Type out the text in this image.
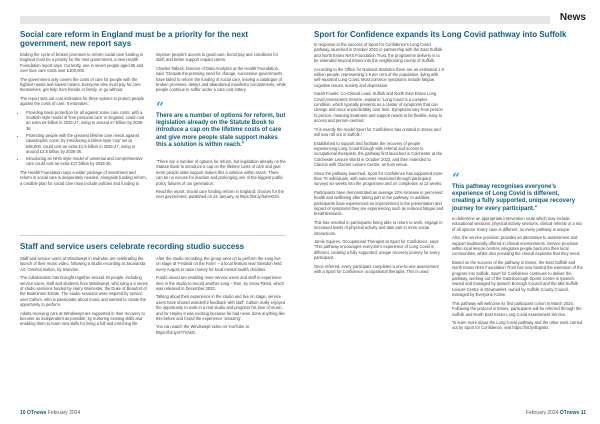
Social care reform in England must be a priority for the next government, new report says

Ending the cycle of broken promises to reform social care funding in England must be a priority for the next government, a new Health Foundation report says. Currently, one in seven people aged 65 and over face care costs over £100,000.

The government only covers the costs of care for people with the highest needs and lowest means. Everyone else must pay for care themselves, get help from friends or family, or go without.

The report sets out cost estimates for three options to protect people against the costs of care. It estimates:

• Providing basic protection for all against some care costs, with a Scottish-style model of 'free personal care' in England, could cost an extra £6 billion in 2026-27, rising to around £7 billion by 2035-36.
• Protecting people with the greatest lifetime care needs against catastrophic costs, by introducing a Dilnot-style 'cap' set at £86,000, could cost an extra £1.5 billion in 2026-27, rising to around £3.5 billion by 2035-36.
• Introducing an NHS-style model of universal and comprehensive care could cost an extra £17 billion by 2035-36.

The Health Foundation says a wider package of investment and reform in social care is desperately needed. Alongside funding reform, a credible plan for social care must include policies and funding to

improve people's access to good care, boost pay and conditions for staff, and better support unpaid carers.

Charles Tallack, Director of Data Analytics at the Health Foundation, said: "Despite the pressing need for change, successive governments have failed to reform the funding of social care, leaving a catalogue of broken promises, delays and abandoned manifesto commitments, while people continue to suffer under a care cost lottery.

“
There are a number of options for reform, but legislation already on the Statute Book to introduce a cap on the lifetime costs of care and give more people state support makes this a solution is within reach."

"There are a number of options for reform, but legislation already on the Statute Book to introduce a cap on the lifetime costs of care and give more people state support makes this a solution within reach. There can be no excuse for inaction and prolonging one of the biggest public policy failures of our generation.

Read the report, Social care funding reform in England: choices for the next government, published on 24 January, at https://bit.ly/3ubHGGi.

Staff and service users celebrate recording studio success

Staff and service users at Windswept in Swindon are celebrating the launch of their music video, following a studio recording at Jacaranda Art, Overton Bolton, by Swindon.

The collaboration has brought together around 40 people, including service users, staff and students from Windswept, who sang a a series of studio sessions funded by Harry Worcester, the Duke of Beaufort of the Badminton Estate. The studio sessions were inspired by service user Callum, who is passionate about music and wanted to create the opportunity to perform.

Adults receiving care at Windswept are supported in their recovery to become as independent as possible, by nurturing existing skills and enabling them to learn new skills for living a full and enriching life.

After the studio recording, the group went on to perform the song live on stage at 'Festival on the Farm' – a local festival near Swindon held every August to raise money for local mental health charities.

Funds raised are enabling more service users and staff to experience time in the studio to record another song – Run, by Snow Patrol, which was released in December 2023.

Talking about their experience in the studio and live on stage, service users have shared wonderful feedback with staff. Callum really enjoyed the opportunity to work in a real studio and progress his love of music, and for Hayley it was exciting because he had never done anything like this before and found the experience 'amazing'.

You can watch the Windswept video on YouTube at https://bit.ly/477VAkG.

10 OTnews February 2024
News
Sport for Confidence expands its Long Covid pathway into Suffolk

In response to the success of Sport for Confidence's Long Covid pathway, launched in October 2022 in partnership with the East Suffolk and North Essex NHS Foundation Trust, the programme delivery is to be extended beyond Essex into the neighbouring county of Suffolk.

According to the Office for National Statistics there are an estimated 1.9 million people, representing 2.9 per cent of the population, living with self-reported Long Covid. Most common symptoms include fatigue, cognitive issues, anxiety and depression.

Sarah Fowler, Co-Clinical Lead, Suffolk and North East Essex Long Covid Assessment Service, explains: 'Long Covid is a complex condition, which typically presents as a cluster of symptoms that can change and recur unpredictably over time. Symptoms vary from person to person, meaning treatment and support needs to be flexible, easy to access and person-centred.

"It is exactly the model Sport for Confidence has created in Essex and will now roll out in Suffolk."

Established to support and facilitate the recovery of people experiencing Long Covid through safe referral and access to occupational therapists, the pathway first launched in Colchester at the Colchester Leisure World in October 2022, and then extended to Clacton with Clacton Leisure Centre, as host venue.

Since the pathway launched, Sport for Confidence has supported more than 70 individuals, with outcomes measured through participant surveys six weeks into the programme and on completion at 12 weeks.

Participants have demonstrated an average 22% increase in perceived health and wellbeing after taking part in the pathway. In addition, participants have experienced an improvement in the presentation and impact of symptoms they are experiencing such as reduced fatigue and breathlessness.

This has resulted in participants being able to return to work, engage in increased levels of physical activity and take part in more social interactions.

Jamie Squires, Occupational Therapist at Sport for Confidence, says: 'This pathway encourages everyone's experience of Long Covid is different, creating a fully supported, unique recovery journey for every participant.

Once referred, every participant completes a one-to-one assessment with a Sport for Confidence occupational therapist. This is used

“
This pathway recognises everyone's experience of Long Covid is different, creating a fully supported, unique recovery journey for every participant."

to determine an appropriate intervention route which may include educational sessions, physical activity sessions, clinical referral or a mix of all options. Every case is different, so every pathway is unique.

Also, the service provision provides an alternative to assessment and support traditionally offered in clinical environments. Service provision within local leisure centres integrates people back into their local communities, whilst also providing the clinical expertise that they need.

Based on the success of the pathway in Essex, the East Suffolk and North Essex NHS Foundation Trust has now funded the extension of the program into Suffolk. Sport for Confidence continues to deliver the pathway, working out of the Gainsborough Sports Centre in Ipswich, owned and managed by Ipswich Borough Council and the Mid Suffolk Leisure Centre in Stowmarket, owned by Suffolk County Council, managed by Everyone Active.

This pathway will welcome its first participant cohort in March 2024. Following the protocol in Essex, participants will be referred through the Suffolk and North East Essex Long Covid Assessment Service.

To learn more about the Long Covid pathway and the other work carried out by Sport for Confidence, visit https://bit.ly/4bgo8iz.

February 2024 OTnews 11
